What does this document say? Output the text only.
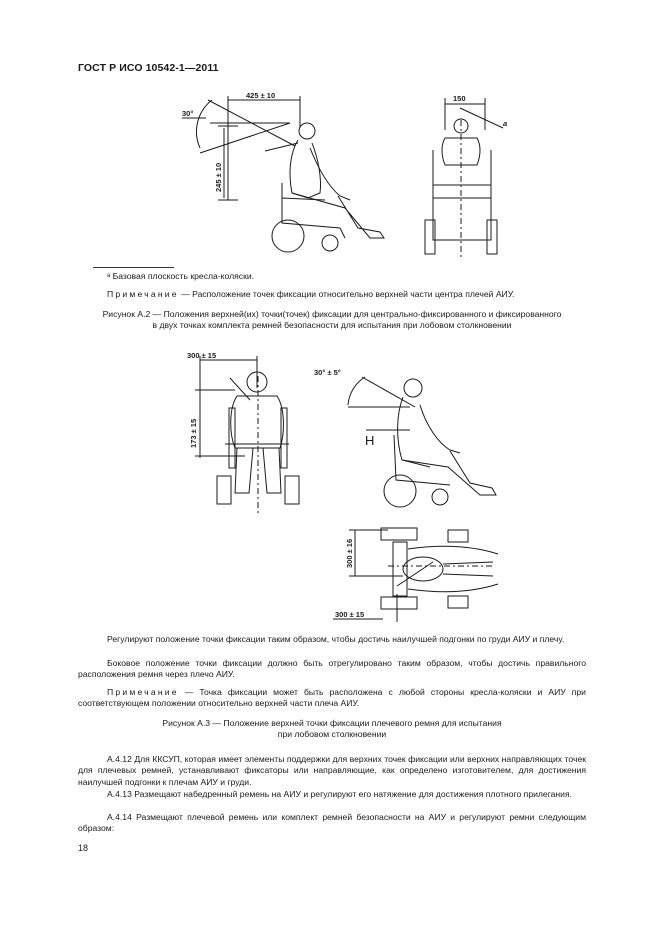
ГОСТ Р ИСО 10542-1—2011
30°
425 ± 10
245 ± 10
150
a
ᵃ Базовая плоскость кресла-коляски.
Примечание — Расположение точек фиксации относительно верхней части центра плечей АИУ.
Рисунок А.2 — Положения верхней(их) точки(точек) фиксации для центрально-фиксированного и фиксированного
в двух точках комплекта ремней безопасности для испытания при лобовом столкновении
300 ± 15
173 ± 15
30° ± 5°
H
300 ± 16
300 ± 15
Регулируют положение точки фиксации таким образом, чтобы достичь наилучшей подгонки по груди АИУ и плечу.
Боковое положение точки фиксации должно быть отрегулировано таким образом, чтобы достичь правильного расположения ремня через плечо АИУ.
Примечание — Точка фиксации может быть расположена с любой стороны кресла-коляски и АИУ при соответствующем положении относительно верхней части плеча АИУ.
Рисунок А.3 — Положение верхней точки фиксации плечевого ремня для испытания
при лобовом столкновении
А.4.12 Для ККСУП, которая имеет элементы поддержки для верхних точек фиксации или верхних направляющих точек для плечевых ремней, устанавливают фиксаторы или направляющие, как определено изготовителем, для достижения наилучшей подгонки к плечам АИУ и груди.
А.4.13 Размещают набедренный ремень на АИУ и регулируют его натяжение для достижения плотного прилегания.
А.4.14 Размещают плечевой ремень или комплект ремней безопасности на АИУ и регулируют ремни следующим образом:
18
